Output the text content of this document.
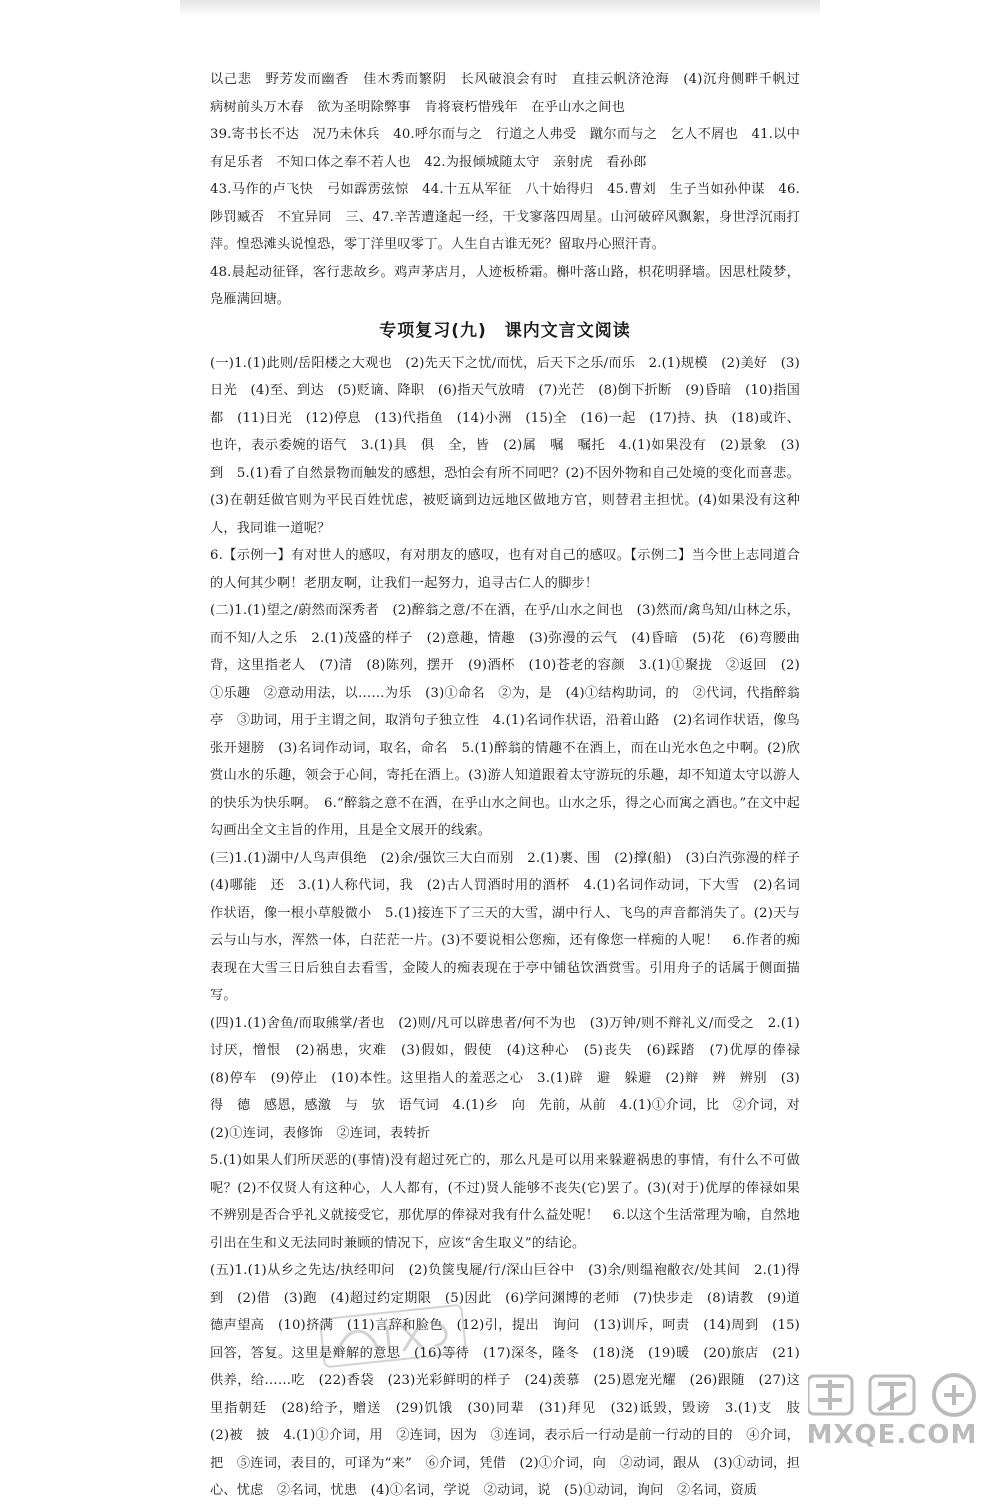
以己悲　野芳发而幽香　佳木秀而繁阴　长风破浪会有时　直挂云帆济沧海　(4)沉舟侧畔千帆过　病树前头万木春　欲为圣明除弊事　肯将衰朽惜残年　在乎山水之间也

39.寄书长不达　况乃未休兵　40.呼尔而与之　行道之人弗受　蹴尔而与之　乞人不屑也　41.以中有足乐者　不知口体之奉不若人也　42.为报倾城随太守　亲射虎　看孙郎

43.马作的卢飞快　弓如霹雳弦惊　44.十五从军征　八十始得归　45.曹刘　生子当如孙仲谋　46.陟罚臧否　不宜异同　三、47.辛苦遭逢起一经，干戈寥落四周星。山河破碎风飘絮，身世浮沉雨打萍。惶恐滩头说惶恐，零丁洋里叹零丁。人生自古谁无死？留取丹心照汗青。

48.晨起动征铎，客行悲故乡。鸡声茅店月，人迹板桥霜。槲叶落山路，枳花明驿墙。因思杜陵梦，凫雁满回塘。

专项复习(九)　课内文言文阅读

(一)1.(1)此则/岳阳楼之大观也　(2)先天下之忧/而忧，后天下之乐/而乐　2.(1)规模　(2)美好　(3)日光　(4)至、到达　(5)贬谪、降职　(6)指天气放晴　(7)光芒　(8)倒下折断　(9)昏暗　(10)指国都　(11)日光　(12)停息　(13)代指鱼　(14)小洲　(15)全　(16)一起　(17)持、执　(18)或许、也许，表示委婉的语气　3.(1)具　俱　全，皆　(2)属　嘱　嘱托　4.(1)如果没有　(2)景象　(3)到　5.(1)看了自然景物而触发的感想，恐怕会有所不同吧？(2)不因外物和自己处境的变化而喜悲。(3)在朝廷做官则为平民百姓忧虑，被贬谪到边远地区做地方官，则替君主担忧。(4)如果没有这种人，我同谁一道呢？

6.【示例一】有对世人的感叹，有对朋友的感叹，也有对自己的感叹。【示例二】当今世上志同道合的人何其少啊！老朋友啊，让我们一起努力，追寻古仁人的脚步！

(二)1.(1)望之/蔚然而深秀者　(2)醉翁之意/不在酒，在乎/山水之间也　(3)然而/禽鸟知/山林之乐，而不知/人之乐　2.(1)茂盛的样子　(2)意趣，情趣　(3)弥漫的云气　(4)昏暗　(5)花　(6)弯腰曲背，这里指老人　(7)清　(8)陈列，摆开　(9)酒杯　(10)苍老的容颜　3.(1)①聚拢　②返回　(2)①乐趣　②意动用法，以……为乐　(3)①命名　②为，是　(4)①结构助词，的　②代词，代指醉翁亭　③助词，用于主谓之间，取消句子独立性　4.(1)名词作状语，沿着山路　(2)名词作状语，像鸟张开翅膀　(3)名词作动词，取名，命名　5.(1)醉翁的情趣不在酒上，而在山光水色之中啊。(2)欣赏山水的乐趣，领会于心间，寄托在酒上。(3)游人知道跟着太守游玩的乐趣，却不知道太守以游人的快乐为快乐啊。　6.“醉翁之意不在酒，在乎山水之间也。山水之乐，得之心而寓之酒也。”在文中起勾画出全文主旨的作用，且是全文展开的线索。

(三)1.(1)湖中/人鸟声俱绝　(2)余/强饮三大白而别　2.(1)裹、围　(2)撑(船)　(3)白汽弥漫的样子　(4)哪能　还　3.(1)人称代词，我　(2)古人罚酒时用的酒杯　4.(1)名词作动词，下大雪　(2)名词作状语，像一根小草般微小　5.(1)接连下了三天的大雪，湖中行人、飞鸟的声音都消失了。(2)天与云与山与水，浑然一体，白茫茫一片。(3)不要说相公您痴，还有像您一样痴的人呢！　6.作者的痴表现在大雪三日后独自去看雪，金陵人的痴表现在于亭中铺毡饮酒赏雪。引用舟子的话属于侧面描写。

(四)1.(1)舍鱼/而取熊掌/者也　(2)则/凡可以辟患者/何不为也　(3)万钟/则不辩礼义/而受之　2.(1)讨厌，憎恨　(2)祸患，灾难　(3)假如，假使　(4)这种心　(5)丧失　(6)踩踏　(7)优厚的俸禄　(8)停车　(9)停止　(10)本性。这里指人的羞恶之心　3.(1)辟　避　躲避　(2)辩　辨　辨别　(3)得　德　感恩，感激　与　欤　语气词　4.(1)乡　向　先前，从前　4.(1)①介词，比　②介词，对　(2)①连词，表修饰　②连词，表转折

5.(1)如果人们所厌恶的(事情)没有超过死亡的，那么凡是可以用来躲避祸患的事情，有什么不可做呢？(2)不仅贤人有这种心，人人都有，(不过)贤人能够不丧失(它)罢了。(3)(对于)优厚的俸禄如果不辨别是否合乎礼义就接受它，那优厚的俸禄对我有什么益处呢！　6.以这个生活常理为喻，自然地引出在生和义无法同时兼顾的情况下，应该“舍生取义”的结论。

(五)1.(1)从乡之先达/执经叩问　(2)负箧曳屣/行/深山巨谷中　(3)余/则缊袍敝衣/处其间　2.(1)得到　(2)借　(3)跑　(4)超过约定期限　(5)因此　(6)学问渊博的老师　(7)快步走　(8)请教　(9)道德声望高　(10)挤满　(11)言辞和脸色　(12)引，提出　询问　(13)训斥，呵责　(14)周到　(15)回答，答复。这里是辩解的意思　(16)等待　(17)深冬，隆冬　(18)浇　(19)暖　(20)旅店　(21)供养，给……吃　(22)香袋　(23)光彩鲜明的样子　(24)羡慕　(25)恩宠光耀　(26)跟随　(27)这里指朝廷　(28)给予，赠送　(29)饥饿　(30)同辈　(31)拜见　(32)诋毁，毁谤　3.(1)支　肢　(2)被　披　4.(1)①介词，用　②连词，因为　③连词，表示后一行动是前一行动的目的　④介词，把　⑤连词，表目的，可译为“来”　⑥介词，凭借　(2)①介词，向　②动词，跟从　(3)①动词，担心、忧虑　②名词，忧患　(4)①名词，学说　②动词，说　(5)①动词，询问　②名词，资质

MXQE.COM
